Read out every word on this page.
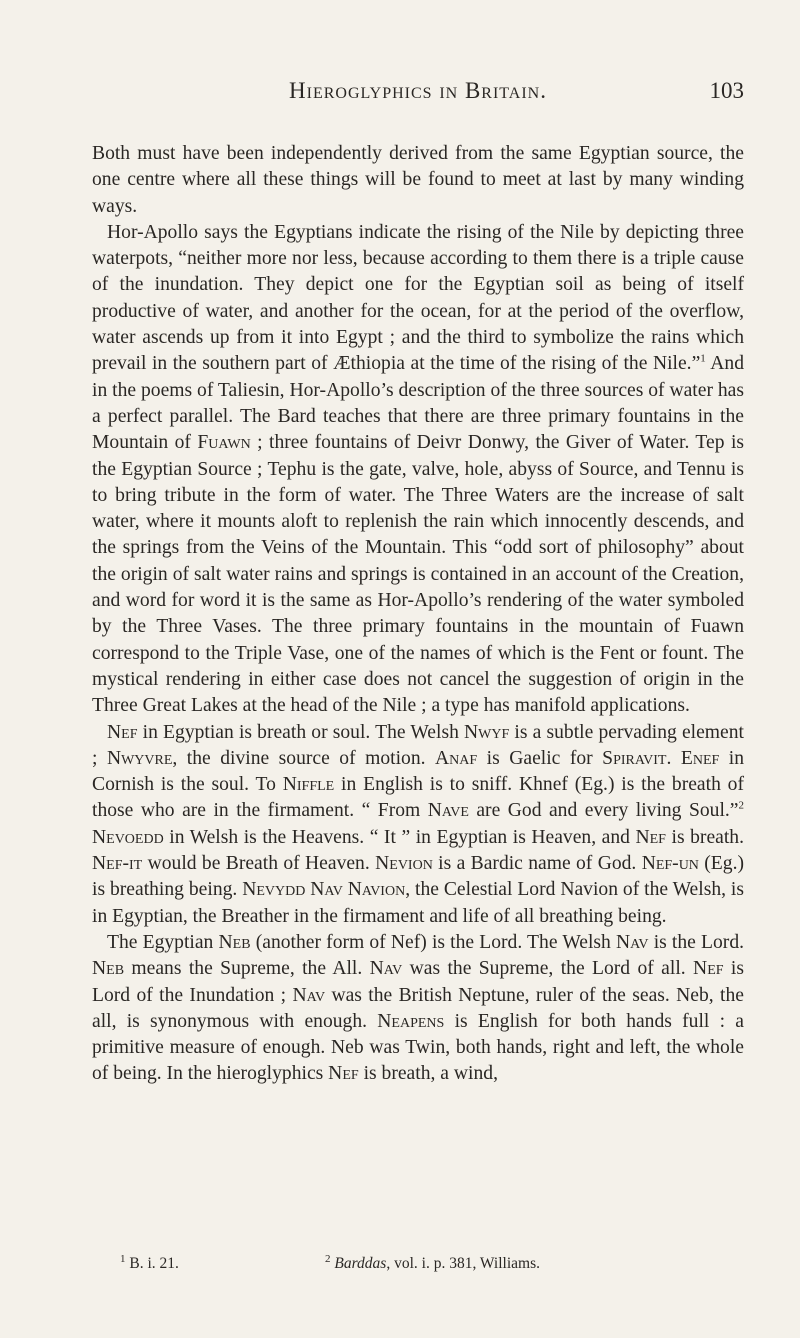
Hieroglyphics in Britain.	103

Both must have been independently derived from the same Egyptian source, the one centre where all these things will be found to meet at last by many winding ways.

Hor-Apollo says the Egyptians indicate the rising of the Nile by depicting three waterpots, “neither more nor less, because according to them there is a triple cause of the inundation. They depict one for the Egyptian soil as being of itself productive of water, and another for the ocean, for at the period of the overflow, water ascends up from it into Egypt ; and the third to symbolize the rains which prevail in the southern part of Æthiopia at the time of the rising of the Nile.”$^1$ And in the poems of Taliesin, Hor-Apollo’s description of the three sources of water has a perfect parallel. The Bard teaches that there are three primary fountains in the Mountain of Fuawn ; three fountains of Deivr Donwy, the Giver of Water. Tep is the Egyptian Source ; Tephu is the gate, valve, hole, abyss of Source, and Tennu is to bring tribute in the form of water. The Three Waters are the increase of salt water, where it mounts aloft to replenish the rain which innocently descends, and the springs from the Veins of the Mountain. This “odd sort of philosophy” about the origin of salt water rains and springs is contained in an account of the Creation, and word for word it is the same as Hor-Apollo’s rendering of the water symboled by the Three Vases. The three primary fountains in the mountain of Fuawn correspond to the Triple Vase, one of the names of which is the Fent or fount. The mystical rendering in either case does not cancel the suggestion of origin in the Three Great Lakes at the head of the Nile ; a type has manifold applications.

Nef in Egyptian is breath or soul. The Welsh Nwyf is a subtle pervading element ; Nwyvre, the divine source of motion. Anaf is Gaelic for Spiravit. Enef in Cornish is the soul. To Niffle in English is to sniff. Khnef (Eg.) is the breath of those who are in the firmament. “ From Nave are God and every living Soul.”$^2$ Nevoedd in Welsh is the Heavens. “ It ” in Egyptian is Heaven, and Nef is breath. Nef-it would be Breath of Heaven. Nevion is a Bardic name of God. Nef-un (Eg.) is breathing being. Nevydd Nav Navion, the Celestial Lord Navion of the Welsh, is in Egyptian, the Breather in the firmament and life of all breathing being.

The Egyptian Neb (another form of Nef) is the Lord. The Welsh Nav is the Lord. Neb means the Supreme, the All. Nav was the Supreme, the Lord of all. Nef is Lord of the Inundation ; Nav was the British Neptune, ruler of the seas. Neb, the all, is synonymous with enough. Neapens is English for both hands full : a primitive measure of enough. Neb was Twin, both hands, right and left, the whole of being. In the hieroglyphics Nef is breath, a wind,

$^1$ B. i. 21.	$^2$ Barddas, vol. i. p. 381, Williams.
